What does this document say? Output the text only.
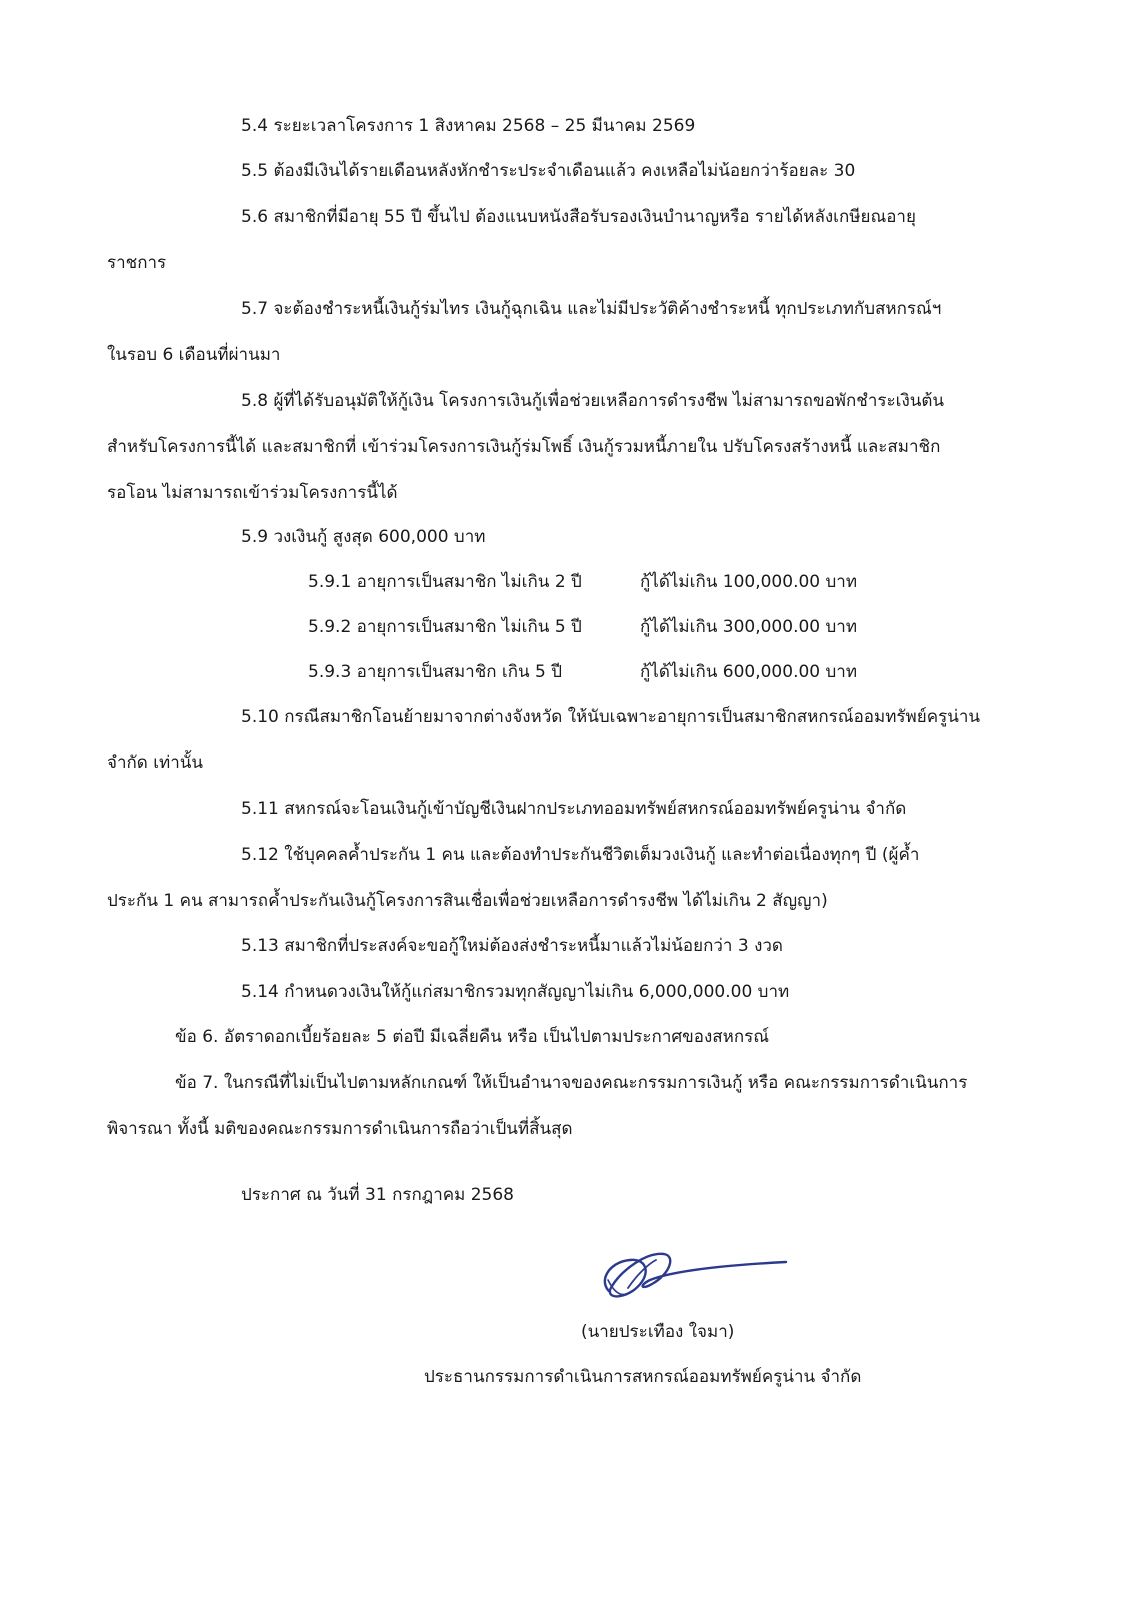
5.4 ระยะเวลาโครงการ 1 สิงหาคม 2568 – 25 มีนาคม 2569
5.5 ต้องมีเงินได้รายเดือนหลังหักชำระประจำเดือนแล้ว คงเหลือไม่น้อยกว่าร้อยละ 30
5.6 สมาชิกที่มีอายุ 55 ปี ขึ้นไป ต้องแนบหนังสือรับรองเงินบำนาญหรือ รายได้หลังเกษียณอายุ
ราชการ
5.7 จะต้องชำระหนี้เงินกู้ร่มไทร เงินกู้ฉุกเฉิน และไม่มีประวัติค้างชำระหนี้ ทุกประเภทกับสหกรณ์ฯ
ในรอบ 6 เดือนที่ผ่านมา
5.8 ผู้ที่ได้รับอนุมัติให้กู้เงิน โครงการเงินกู้เพื่อช่วยเหลือการดำรงชีพ ไม่สามารถขอพักชำระเงินต้น
สำหรับโครงการนี้ได้ และสมาชิกที่ เข้าร่วมโครงการเงินกู้ร่มโพธิ์ เงินกู้รวมหนี้ภายใน ปรับโครงสร้างหนี้ และสมาชิก
รอโอน ไม่สามารถเข้าร่วมโครงการนี้ได้
5.9 วงเงินกู้ สูงสุด 600,000 บาท
5.9.1 อายุการเป็นสมาชิก ไม่เกิน 2 ปี	กู้ได้ไม่เกิน 100,000.00 บาท
5.9.2 อายุการเป็นสมาชิก ไม่เกิน 5 ปี	กู้ได้ไม่เกิน 300,000.00 บาท
5.9.3 อายุการเป็นสมาชิก เกิน 5 ปี	กู้ได้ไม่เกิน 600,000.00 บาท
5.10 กรณีสมาชิกโอนย้ายมาจากต่างจังหวัด ให้นับเฉพาะอายุการเป็นสมาชิกสหกรณ์ออมทรัพย์ครูน่าน
จำกัด เท่านั้น
5.11 สหกรณ์จะโอนเงินกู้เข้าบัญชีเงินฝากประเภทออมทรัพย์สหกรณ์ออมทรัพย์ครูน่าน จำกัด
5.12 ใช้บุคคลค้ำประกัน 1 คน และต้องทำประกันชีวิตเต็มวงเงินกู้ และทำต่อเนื่องทุกๆ ปี (ผู้ค้ำ
ประกัน 1 คน สามารถค้ำประกันเงินกู้โครงการสินเชื่อเพื่อช่วยเหลือการดำรงชีพ ได้ไม่เกิน 2 สัญญา)
5.13 สมาชิกที่ประสงค์จะขอกู้ใหม่ต้องส่งชำระหนี้มาแล้วไม่น้อยกว่า 3 งวด
5.14 กำหนดวงเงินให้กู้แก่สมาชิกรวมทุกสัญญาไม่เกิน 6,000,000.00 บาท
ข้อ 6. อัตราดอกเบี้ยร้อยละ 5 ต่อปี มีเฉลี่ยคืน หรือ เป็นไปตามประกาศของสหกรณ์
ข้อ 7. ในกรณีที่ไม่เป็นไปตามหลักเกณฑ์ ให้เป็นอำนาจของคณะกรรมการเงินกู้ หรือ คณะกรรมการดำเนินการ
พิจารณา ทั้งนี้ มติของคณะกรรมการดำเนินการถือว่าเป็นที่สิ้นสุด
ประกาศ ณ วันที่ 31 กรกฎาคม 2568
(นายประเทือง ใจมา)
ประธานกรรมการดำเนินการสหกรณ์ออมทรัพย์ครูน่าน จำกัด
